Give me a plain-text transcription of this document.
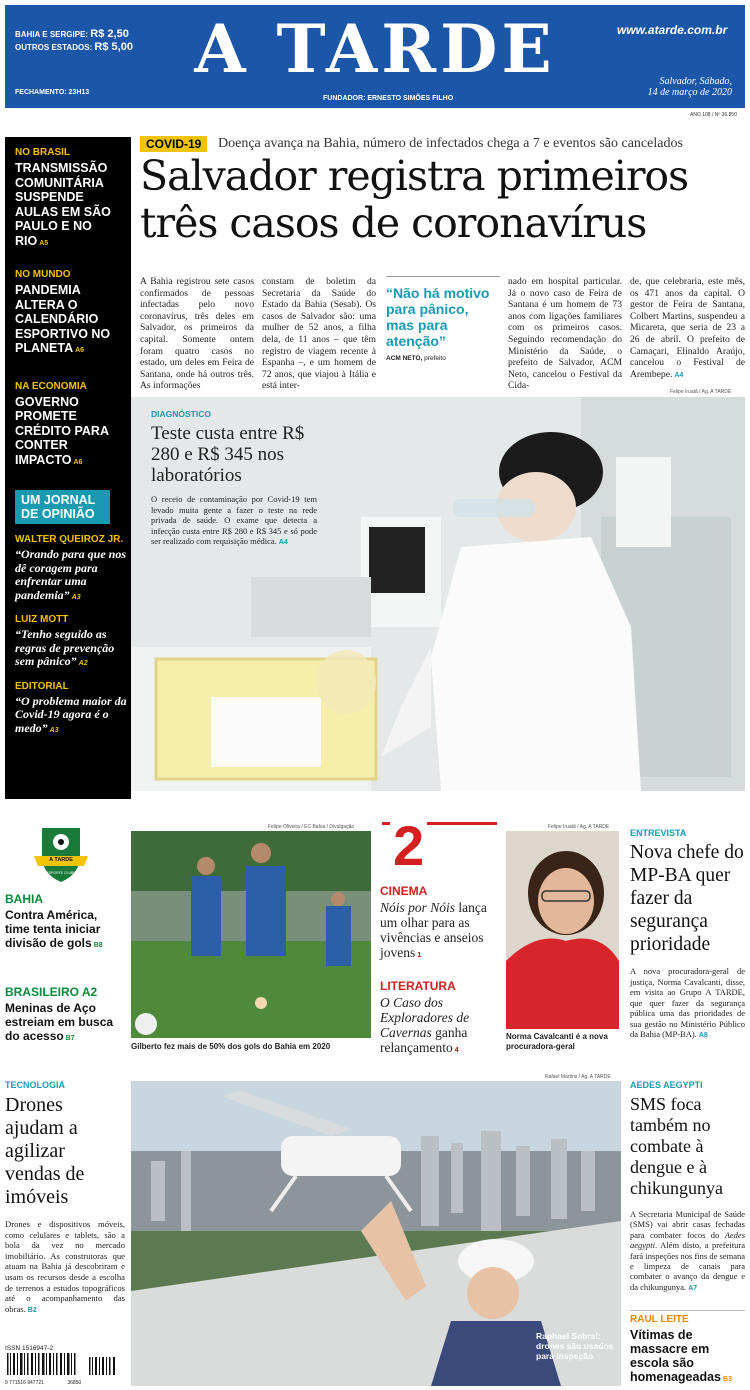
BAHIA E SERGIPE: R$ 2,50
OUTROS ESTADOS: R$ 5,00
FECHAMENTO: 23H13
A TARDE
FUNDADOR: ERNESTO SIMÕES FILHO
www.atarde.com.br
Salvador, Sábado,
14 de março de 2020
ANO 108 / Nº 36.850
NO BRASIL
TRANSMISSÃO COMUNITÁRIA SUSPENDE AULAS EM SÃO PAULO E NO RIO A5
NO MUNDO
PANDEMIA ALTERA O CALENDÁRIO ESPORTIVO NO PLANETA A6
NA ECONOMIA
GOVERNO PROMETE CRÉDITO PARA CONTER IMPACTO A6
UM JORNAL DE OPINIÃO
WALTER QUEIROZ JR.
“Orando para que nos dê coragem para enfrentar uma pandemia” A3
LUIZ MOTT
“Tenho seguido as regras de prevenção sem pânico” A2
EDITORIAL
“O problema maior da Covid-19 agora é o medo” A3
COVID-19	Doença avança na Bahia, número de infectados chega a 7 e eventos são cancelados
Salvador registra primeiros
três casos de coronavírus
A Bahia registrou sete casos confirmados de pessoas infectadas pelo novo coronavírus, três deles em Salvador, os primeiros da capital. Somente ontem foram quatro casos no estado, um deles em Feira de Santana, onde há outros três. As informações
constam de boletim da Secretaria da Saúde do Estado da Bahia (Sesab). Os casos de Salvador são: uma mulher de 52 anos, a filha dela, de 11 anos – que têm registro de viagem recente à Espanha –, e um homem de 72 anos, que viajou à Itália e está inter-
“Não há motivo para pânico, mas para atenção”
ACM NETO, prefeito
nado em hospital particular. Já o novo caso de Feira de Santana é um homem de 73 anos com ligações familiares com os primeiros casos. Seguindo recomendação do Ministério da Saúde, o prefeito de Salvador, ACM Neto, cancelou o Festival da Cida-
de, que celebraria, este mês, os 471 anos da capital. O gestor de Feira de Santana, Colbert Martins, suspendeu a Micareta, que seria de 23 a 26 de abril. O prefeito de Camaçari, Elinaldo Araújo, cancelou o Festival de Arembepe. A4
Felipe Iruatã / Ag. A TARDE
DIAGNÓSTICO
Teste custa entre R$ 280 e R$ 345 nos laboratórios
O receio de contaminação por Covid-19 tem levado muita gente a fazer o teste na rede privada de saúde. O exame que detecta a infecção custa entre R$ 280 e R$ 345 e só pode ser realizado com requisição médica. A4
A TARDE
ESPORTE CLUBE
BAHIA
Contra América, time tenta iniciar divisão de gols B8
BRASILEIRO A2
Meninas de Aço estreiam em busca do acesso B7
Felipe Oliveira / EC Bahia / Divulgação
Gilberto fez mais de 50% dos gols do Bahia em 2020
2
CINEMA
Nóis por Nóis lança um olhar para as vivências e anseios jovens 1
LITERATURA
O Caso dos Exploradores de Cavernas ganha relançamento 4
Felipe Iruatã / Ag. A TARDE
Norma Cavalcanti é a nova procuradora-geral
ENTREVISTA
Nova chefe do MP-BA quer fazer da segurança prioridade
A nova procuradora-geral de justiça, Norma Cavalcanti, disse, em visita ao Grupo A TARDE, que quer fazer da segurança pública uma das prioridades de sua gestão no Ministério Público da Bahia (MP-BA). A8
TECNOLOGIA
Drones ajudam a agilizar vendas de imóveis
Drones e dispositivos móveis, como celulares e tablets, são a bola da vez no mercado imobiliário. As construtoras que atuam na Bahia já descobriram e usam os recursos desde a escolha de terrenos a estudos topográficos até o acompanhamento das obras. B2
ISSN 1516947-2
9 771516 947721	36850
Rafael Martins / Ag. A TARDE
Raphael Sobral: drones são usados para inspeção
AEDES AEGYPTI
SMS foca também no combate à dengue e à chikungunya
A Secretaria Municipal de Saúde (SMS) vai abrir casas fechadas para combater focos do Aedes aegypti. Além disto, a prefeitura fará inspeções nos fins de semana e limpeza de canais para combater o avanço da dengue e da chikungunya. A7
RAUL LEITE
Vítimas de massacre em escola são homenageadas B3
